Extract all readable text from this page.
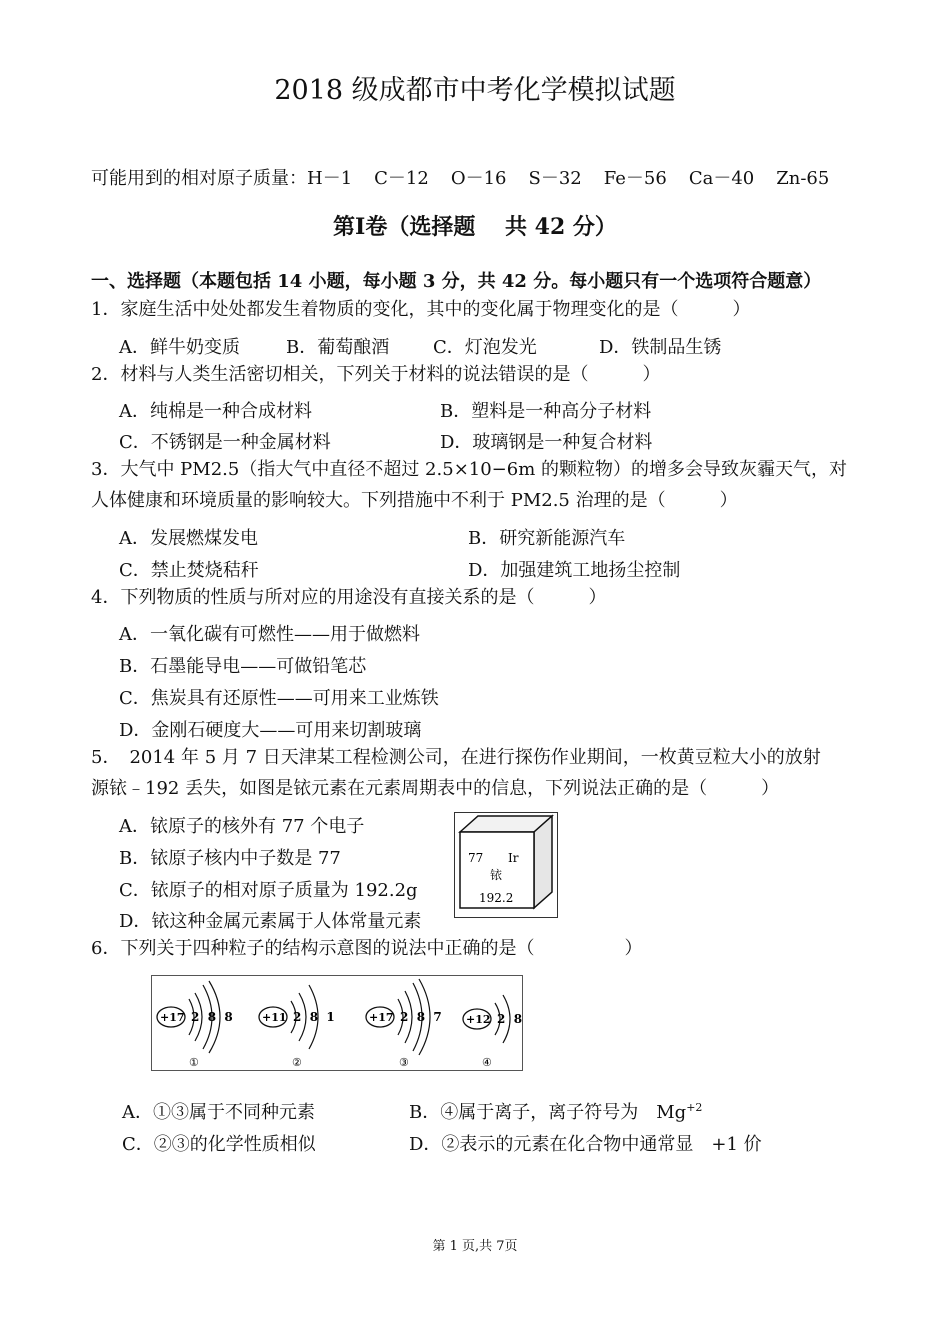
2018 级成都市中考化学模拟试题
可能用到的相对原子质量：H－1 C－12 O－16 S－32 Fe－56 Ca－40 Zn-65
第Ⅰ卷（选择题　 共 42 分）
一、选择题（本题包括 14 小题，每小题 3 分，共 42 分。每小题只有一个选项符合题意）
1．家庭生活中处处都发生着物质的变化，其中的变化属于物理变化的是（　　　）
A．鲜牛奶变质	B．葡萄酿酒 C．灯泡发光	D．铁制品生锈
2．材料与人类生活密切相关，下列关于材料的说法错误的是（　　　）
A．纯棉是一种合成材料	B．塑料是一种高分子材料
C．不锈钢是一种金属材料	D．玻璃钢是一种复合材料
3．大气中 PM2.5（指大气中直径不超过 2.5×10−6m 的颗粒物）的增多会导致灰霾天气，对
人体健康和环境质量的影响较大。下列措施中不利于 PM2.5 治理的是（　　　）
A．发展燃煤发电	B．研究新能源汽车
C．禁止焚烧秸秆	D．加强建筑工地扬尘控制
4．下列物质的性质与所对应的用途没有直接关系的是（　　　）
A．一氧化碳有可燃性——用于做燃料
B．石墨能导电——可做铅笔芯
C．焦炭具有还原性——可用来工业炼铁
D．金刚石硬度大——可用来切割玻璃
5．　2014 年 5 月 7 日天津某工程检测公司，在进行探伤作业期间，一枚黄豆粒大小的放射
源铱﹣192 丢失，如图是铱元素在元素周期表中的信息，下列说法正确的是（　　　）
A．铱原子的核外有 77 个电子
B．铱原子核内中子数是 77
C．铱原子的相对原子质量为 192.2g
D．铱这种金属元素属于人体常量元素
77 Ir
铱
192.2
6．下列关于四种粒子的结构示意图的说法中正确的是（　　　　　）
+17 2  8  8
①
+11 2  8  1
②
+17 2  8  7
③
+12 2  8
④
A．①③属于不同种元素	B．④属于离子，离子符号为　$Mg^{+2}$
C．②③的化学性质相似	D．②表示的元素在化合物中通常显　+1 价
第 1 页,共 7页
